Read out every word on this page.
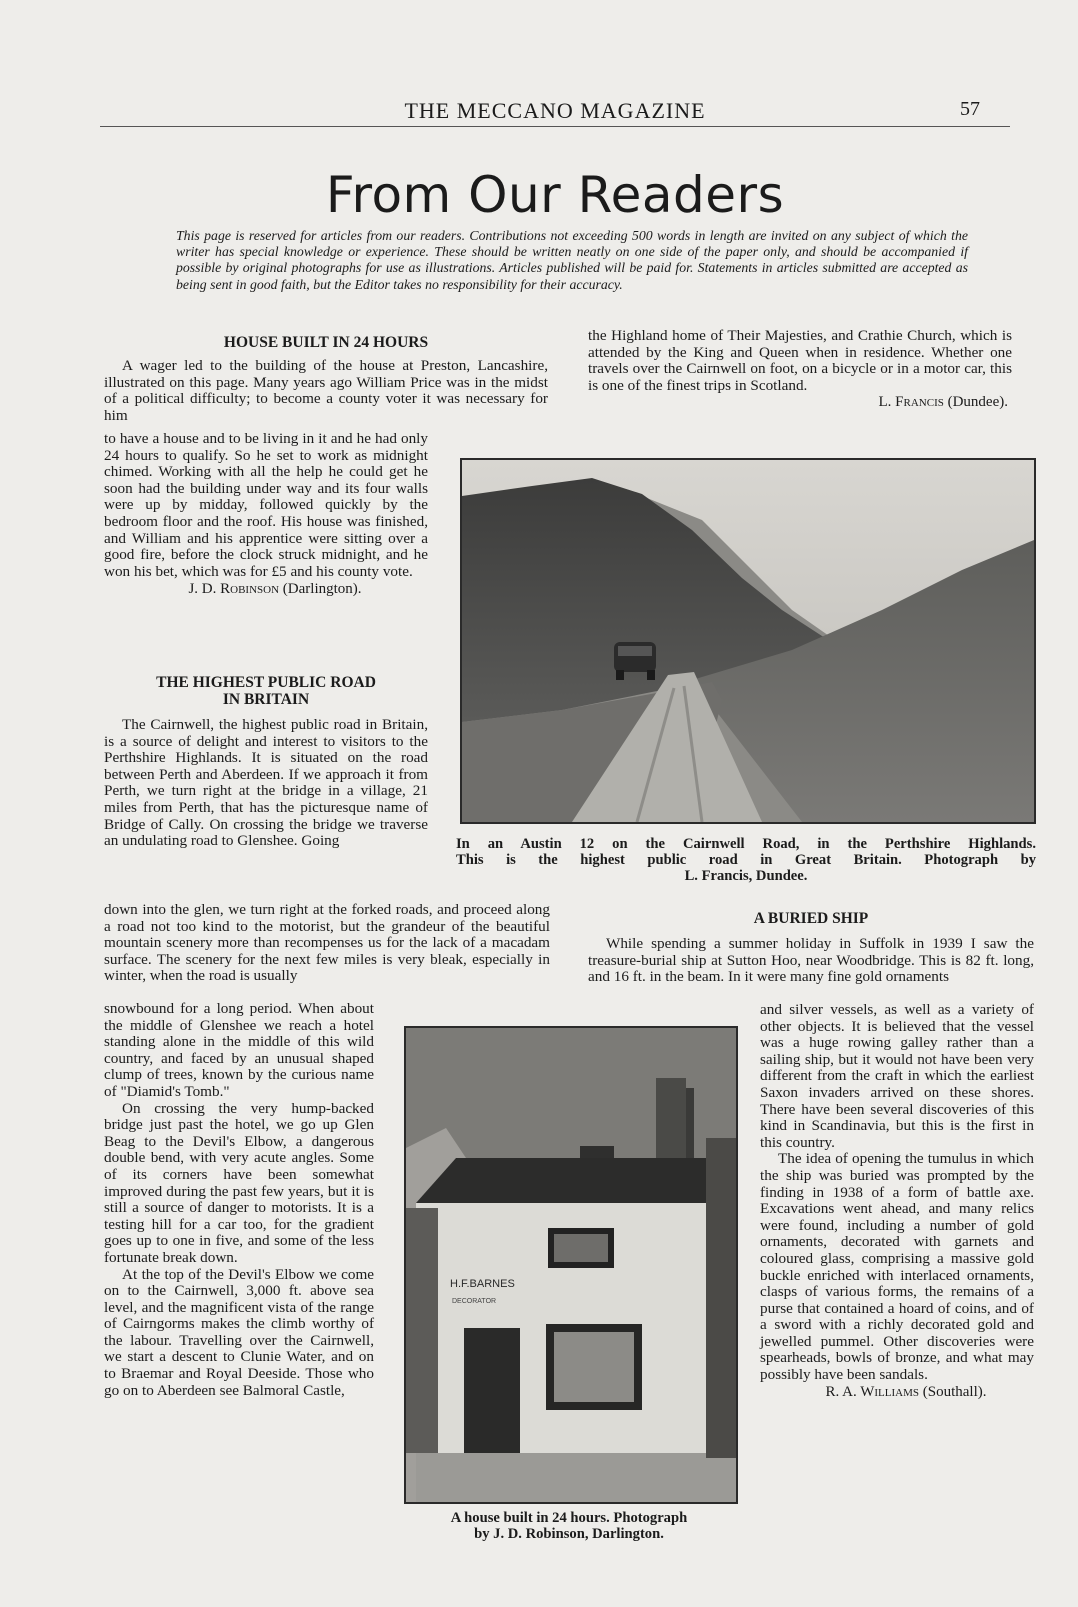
THE MECCANO MAGAZINE	57
From Our Readers

This page is reserved for articles from our readers. Contributions not exceeding 500 words in length are invited on any subject of which the writer has special knowledge or experience. These should be written neatly on one side of the paper only, and should be accompanied if possible by original photographs for use as illustrations. Articles published will be paid for. Statements in articles submitted are accepted as being sent in good faith, but the Editor takes no responsibility for their accuracy.

HOUSE BUILT IN 24 HOURS

A wager led to the building of the house at Preston, Lancashire, illustrated on this page. Many years ago William Price was in the midst of a political difficulty; to become a county voter it was necessary for him

to have a house and to be living in it and he had only 24 hours to qualify. So he set to work as midnight chimed. Working with all the help he could get he soon had the building under way and its four walls were up by midday, followed quickly by the bedroom floor and the roof. His house was finished, and William and his apprentice were sitting over a good fire, before the clock struck midnight, and he won his bet, which was for £5 and his county vote.

J. D. Robinson (Darlington).

THE HIGHEST PUBLIC ROAD
IN BRITAIN

The Cairnwell, the highest public road in Britain, is a source of delight and interest to visitors to the Perthshire Highlands. It is situated on the road between Perth and Aberdeen. If we approach it from Perth, we turn right at the bridge in a village, 21 miles from Perth, that has the picturesque name of Bridge of Cally. On crossing the bridge we traverse an undulating road to Glenshee. Going

down into the glen, we turn right at the forked roads, and proceed along a road not too kind to the motorist, but the grandeur of the beautiful mountain scenery more than recompenses us for the lack of a macadam surface. The scenery for the next few miles is very bleak, especially in winter, when the road is usually

snowbound for a long period. When about the middle of Glenshee we reach a hotel standing alone in the middle of this wild country, and faced by an unusual shaped clump of trees, known by the curious name of "Diamid's Tomb."

On crossing the very hump-backed bridge just past the hotel, we go up Glen Beag to the Devil's Elbow, a dangerous double bend, with very acute angles. Some of its corners have been somewhat improved during the past few years, but it is still a source of danger to motorists. It is a testing hill for a car too, for the gradient goes up to one in five, and some of the less fortunate break down.

At the top of the Devil's Elbow we come on to the Cairnwell, 3,000 ft. above sea level, and the magnificent vista of the range of Cairngorms makes the climb worthy of the labour. Travelling over the Cairnwell, we start a descent to Clunie Water, and on to Braemar and Royal Deeside. Those who go on to Aberdeen see Balmoral Castle,

the Highland home of Their Majesties, and Crathie Church, which is attended by the King and Queen when in residence. Whether one travels over the Cairnwell on foot, on a bicycle or in a motor car, this is one of the finest trips in Scotland.

L. Francis (Dundee).

In an Austin 12 on the Cairnwell Road, in the Perthshire Highlands.
This is the highest public road in Great Britain. Photograph by
L. Francis, Dundee.

A BURIED SHIP

While spending a summer holiday in Suffolk in 1939 I saw the treasure-burial ship at Sutton Hoo, near Woodbridge. This is 82 ft. long, and 16 ft. in the beam. In it were many fine gold ornaments

and silver vessels, as well as a variety of other objects. It is believed that the vessel was a huge rowing galley rather than a sailing ship, but it would not have been very different from the craft in which the earliest Saxon invaders arrived on these shores. There have been several discoveries of this kind in Scandinavia, but this is the first in this country.

The idea of opening the tumulus in which the ship was buried was prompted by the finding in 1938 of a form of battle axe. Excavations went ahead, and many relics were found, including a number of gold ornaments, decorated with garnets and coloured glass, comprising a massive gold buckle enriched with interlaced ornaments, clasps of various forms, the remains of a purse that contained a hoard of coins, and of a sword with a richly decorated gold and jewelled pummel. Other discoveries were spearheads, bowls of bronze, and what may possibly have been sandals.

R. A. Williams (Southall).

H.F.BARNES
DECORATOR

A house built in 24 hours. Photograph
by J. D. Robinson, Darlington.
